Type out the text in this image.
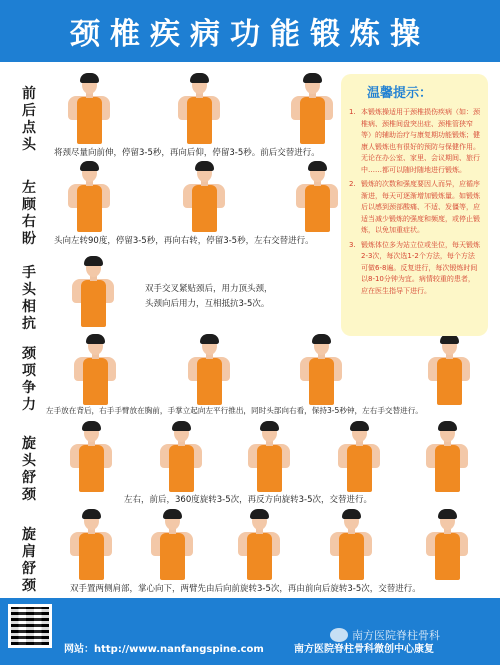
颈椎疾病功能锻炼操
前后点头
左顾右盼
手头相抗
颈项争力
旋头舒颈
旋肩舒颈
将颈尽量向前伸，停留3-5秒，再向后仰，停留3-5秒。前后交替进行。
头向左转90度，停留3-5秒，再向右转，停留3-5秒，左右交替进行。
双手交叉紧贴颈后，用力顶头颈，
头颈向后用力，互相抵抗3-5次。
左手放在背后，右手手臂放在胸前，手掌立起向左平行推出，同时头部向右看，保持3-5秒钟，左右手交替进行。
左右，前后，360度旋转3-5次，再反方向旋转3-5次，交替进行。
双手置两侧肩部，掌心向下，两臂先由后向前旋转3-5次，再由前向后旋转3-5次，交替进行。
温馨提示：
1. 本锻炼操适用于颈椎损伤疾病（如：颈椎病、颈椎间盘突出症、颈椎管狭窄等）的辅助治疗与康复期功能锻炼；健康人锻炼也有很好的预防与保健作用。无论在办公室、家里、会议期间、旅行中……都可以随时随地进行锻炼。
2. 锻炼的次数和强度要因人而异，应循序渐进，每天可逐渐增加锻炼量。如锻炼后以感到颈部酸痛、不适、发僵等，应适当减少锻炼的强度和频度，或停止锻炼，以免加重症状。
3. 锻炼体位多为站立位或坐位，每天锻炼2-3次，每次选1-2个方法，每个方法可做6-8遍。反复进行，每次锻炼时间以8-10分钟为宜。病情较重的患者，应在医生指导下进行。
网站：http://www.nanfangspine.com	南方医院脊柱骨科微创中心康复
南方医院脊柱骨科
